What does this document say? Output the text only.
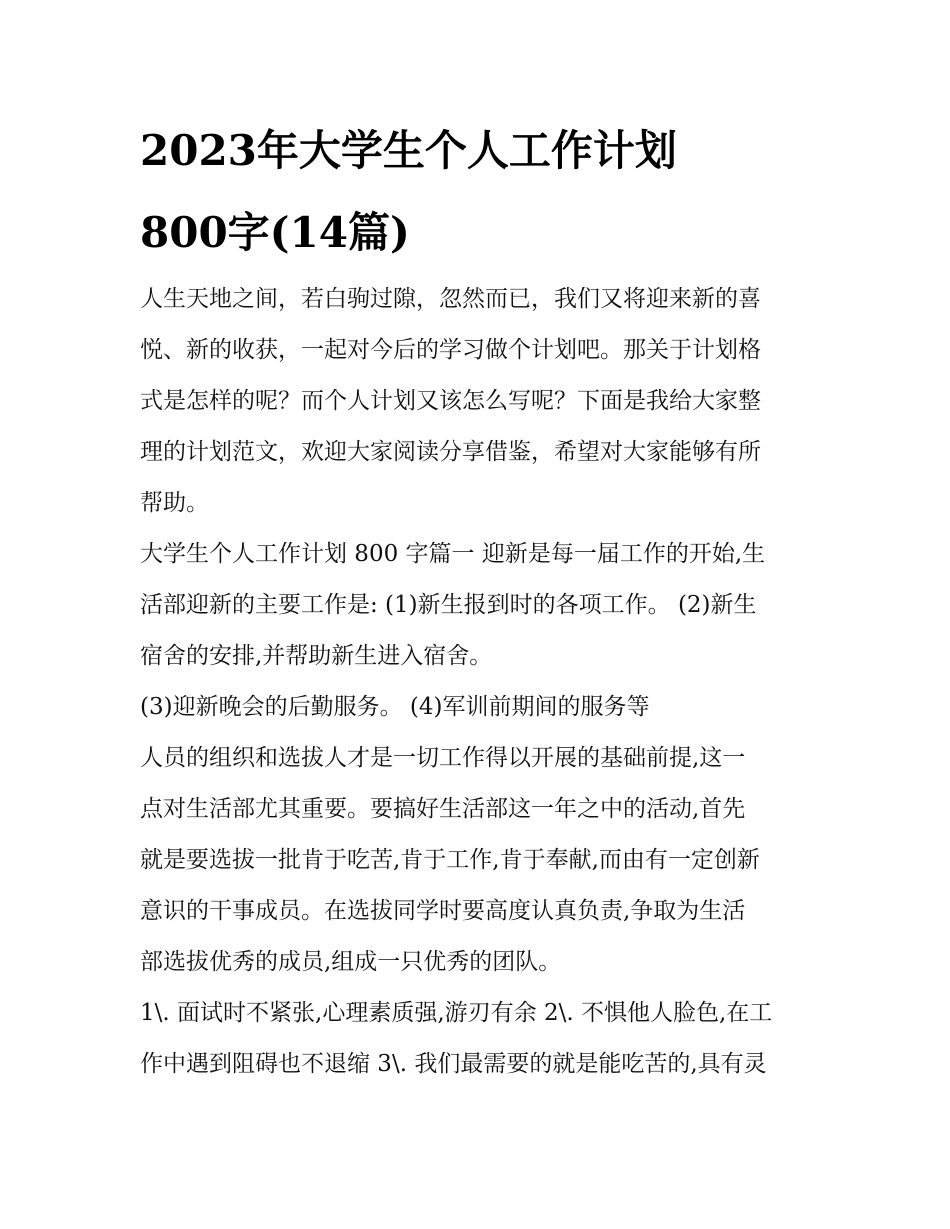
2023年大学生个人工作计划
800字(14篇)

人生天地之间，若白驹过隙，忽然而已，我们又将迎来新的喜
悦、新的收获，一起对今后的学习做个计划吧。那关于计划格
式是怎样的呢？而个人计划又该怎么写呢？下面是我给大家整
理的计划范文，欢迎大家阅读分享借鉴，希望对大家能够有所
帮助。

大学生个人工作计划 800 字篇一 迎新是每一届工作的开始,生
活部迎新的主要工作是: (1)新生报到时的各项工作。 (2)新生
宿舍的安排,并帮助新生进入宿舍。

(3)迎新晚会的后勤服务。 (4)军训前期间的服务等

人员的组织和选拔人才是一切工作得以开展的基础前提,这一
点对生活部尤其重要。要搞好生活部这一年之中的活动,首先
就是要选拔一批肯于吃苦,肯于工作,肯于奉献,而由有一定创新
意识的干事成员。在选拔同学时要高度认真负责,争取为生活
部选拔优秀的成员,组成一只优秀的团队。

1\. 面试时不紧张,心理素质强,游刃有余 2\. 不惧他人脸色,在工
作中遇到阻碍也不退缩 3\. 我们最需要的就是能吃苦的,具有灵
